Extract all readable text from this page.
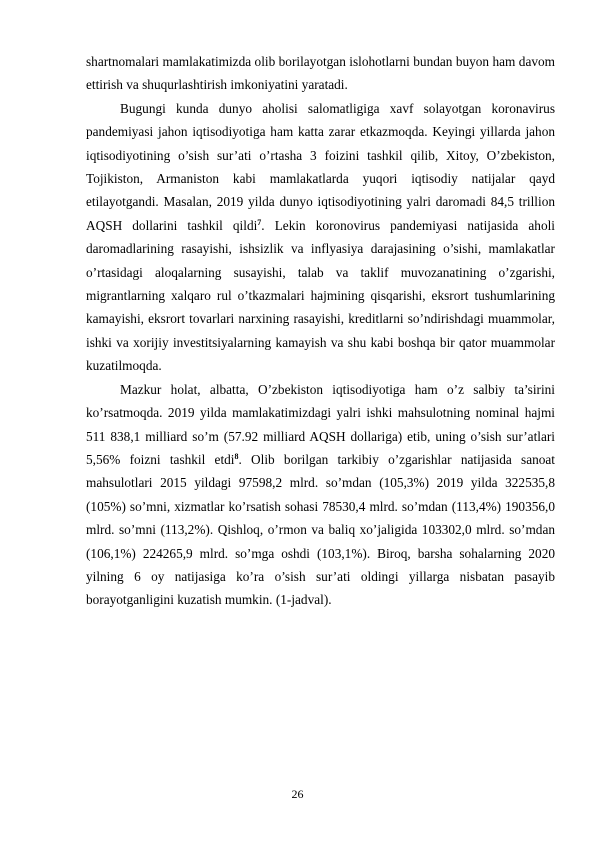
shartnomalari mamlakatimizda olib borilayotgan islohotlarni bundan buyon ham davom ettirish va shuqurlashtirish imkoniyatini yaratadi.

Bugungi kunda dunyo aholisi salomatligiga xavf solayotgan koronavirus pandemiyasi jahon iqtisodiyotiga ham katta zarar etkazmoqda. Keyingi yillarda jahon iqtisodiyotining o’sish sur’ati o’rtasha 3 foizini tashkil qilib, Xitoy, O’zbekiston, Tojikiston, Armaniston kabi mamlakatlarda yuqori iqtisodiy natijalar qayd etilayotgandi. Masalan, 2019 yilda dunyo iqtisodiyotining yalri daromadi 84,5 trillion AQSH dollarini tashkil qildi$^7$. Lekin koronovirus pandemiyasi natijasida aholi daromadlarining rasayishi, ishsizlik va inflyasiya darajasining o’sishi, mamlakatlar o’rtasidagi aloqalarning susayishi, talab va taklif muvozanatining o’zgarishi, migrantlarning xalqaro rul o’tkazmalari hajmining qisqarishi, eksrort tushumlarining kamayishi, eksrort tovarlari narxining rasayishi, kreditlarni so’ndirishdagi muammolar, ishki va xorijiy investitsiyalarning kamayish va shu kabi boshqa bir qator muammolar kuzatilmoqda.

Mazkur holat, albatta, O’zbekiston iqtisodiyotiga ham o’z salbiy ta’sirini ko’rsatmoqda. 2019 yilda mamlakatimizdagi yalri ishki mahsulotning nominal hajmi 511 838,1 milliard so’m (57.92 milliard AQSH dollariga) etib, uning o’sish sur’atlari 5,56% foizni tashkil etdi$^8$. Olib borilgan tarkibiy o’zgarishlar natijasida sanoat mahsulotlari 2015 yildagi 97598,2 mlrd. so’mdan (105,3%) 2019 yilda 322535,8 (105%) so’mni, xizmatlar ko’rsatish sohasi 78530,4 mlrd. so’mdan (113,4%) 190356,0 mlrd. so’mni (113,2%). Qishloq, o’rmon va baliq xo’jaligida 103302,0 mlrd. so’mdan (106,1%) 224265,9 mlrd. so’mga oshdi (103,1%). Biroq, barsha sohalarning 2020 yilning 6 oy natijasiga ko’ra o’sish sur’ati oldingi yillarga nisbatan pasayib borayotganligini kuzatish mumkin. (1-jadval).

26
